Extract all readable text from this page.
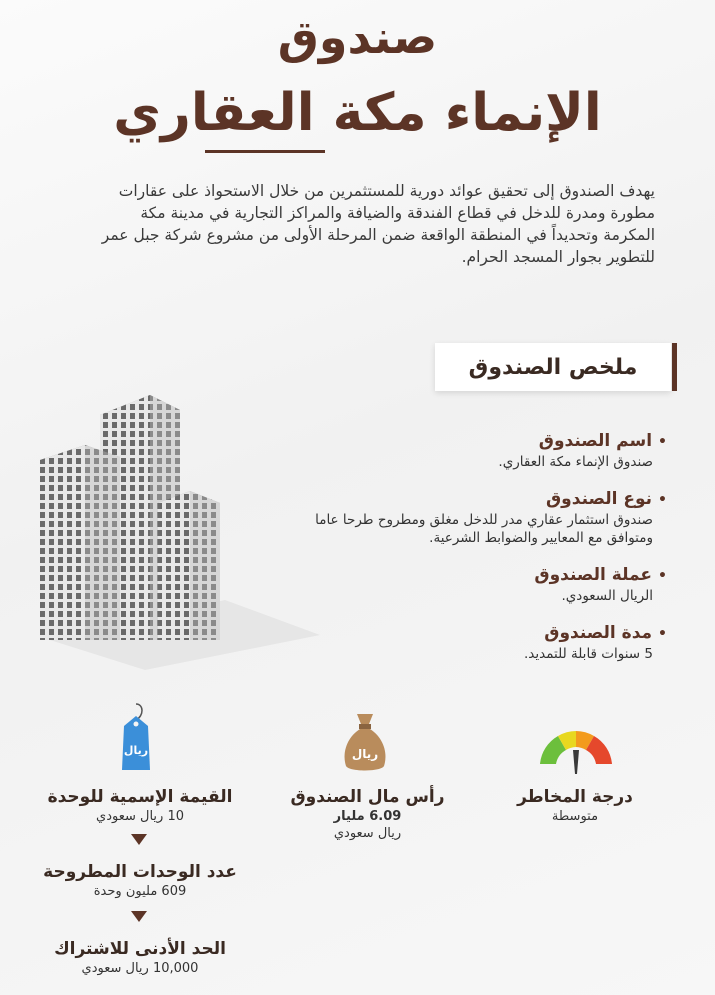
صندوق
الإنماء مكة العقاري
يهدف الصندوق إلى تحقيق عوائد دورية للمستثمرين من خلال الاستحواذ على عقارات مطورة ومدرة للدخل في قطاع الفندقة والضيافة والمراكز التجارية في مدينة مكة المكرمة وتحديداً في المنطقة الواقعة ضمن المرحلة الأولى من مشروع شركة جبل عمر للتطوير بجوار المسجد الحرام.
ملخص الصندوق
•اسم الصندوق
صندوق الإنماء مكة العقاري.
•نوع الصندوق
صندوق استثمار عقاري مدر للدخل مغلق ومطروح طرحا عاما ومتوافق مع المعايير والضوابط الشرعية.
•عملة الصندوق
الريال السعودي.
•مدة الصندوق
5 سنوات قابلة للتمديد.
درجة المخاطر
متوسطة
ريال
رأس مال الصندوق
6.09 مليار
ريال سعودي
ريال
القيمة الإسمية للوحدة
10 ريال سعودي
عدد الوحدات المطروحة
609 مليون وحدة
الحد الأدنى للاشتراك
10,000 ريال سعودي
